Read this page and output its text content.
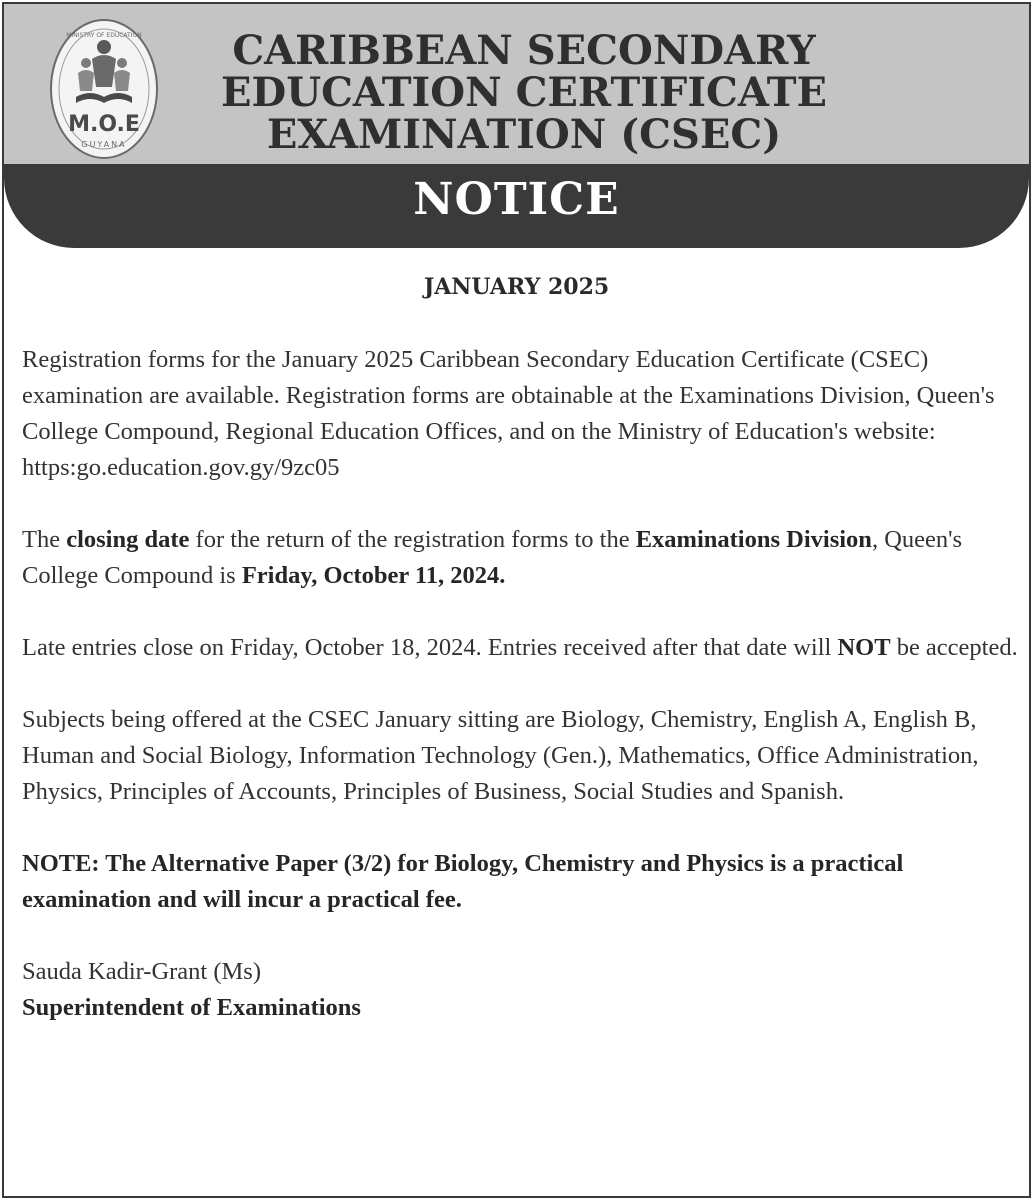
M.O.E
GUYANA
MINISTRY OF EDUCATION	CARIBBEAN SECONDARY
EDUCATION CERTIFICATE
EXAMINATION (CSEC)
NOTICE
JANUARY 2025

Registration forms for the January 2025 Caribbean Secondary Education Certificate (CSEC) examination are available. Registration forms are obtainable at the Examinations Division, Queen's College Compound, Regional Education Offices, and on the Ministry of Education's website:
https:go.education.gov.gy/9zc05

The closing date for the return of the registration forms to the Examinations Division, Queen's College Compound is Friday, October 11, 2024.

Late entries close on Friday, October 18, 2024. Entries received after that date will NOT be accepted.

Subjects being offered at the CSEC January sitting are Biology, Chemistry, English A, English B, Human and Social Biology, Information Technology (Gen.), Mathematics, Office Administration, Physics, Principles of Accounts, Principles of Business, Social Studies and Spanish.

NOTE: The Alternative Paper (3/2) for Biology, Chemistry and Physics is a practical examination and will incur a practical fee.

Sauda Kadir-Grant (Ms)

Superintendent of Examinations
